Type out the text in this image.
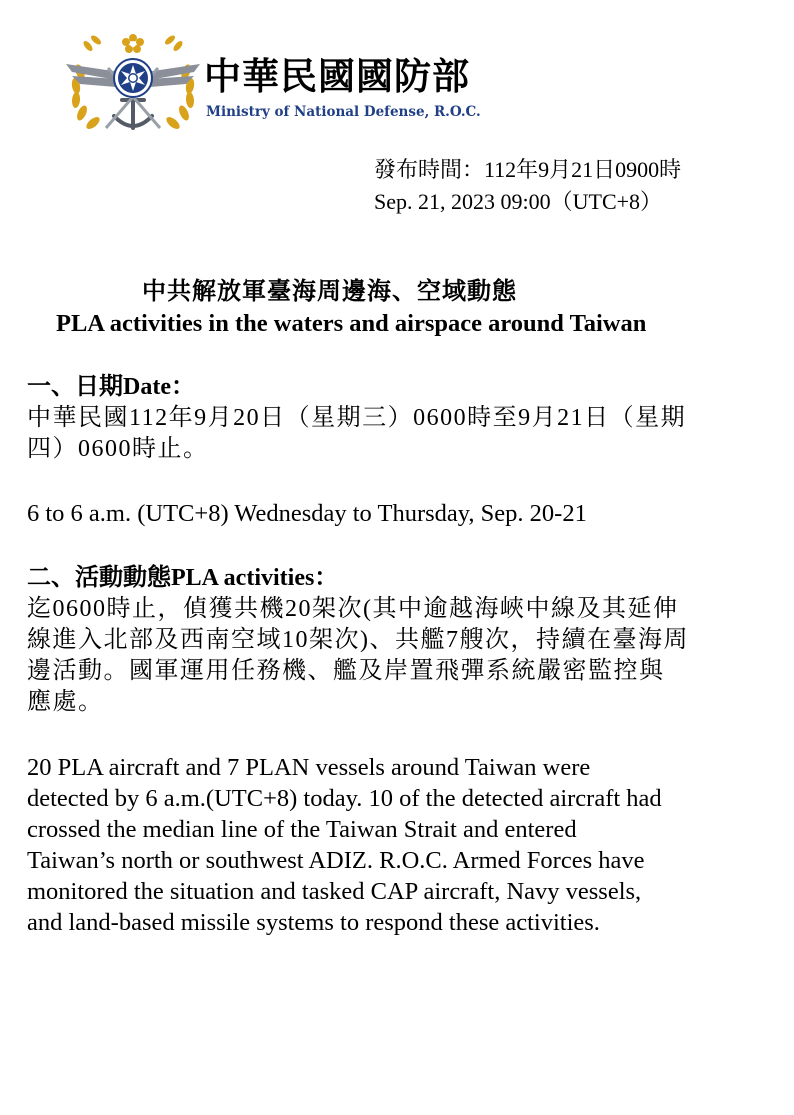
中華民國國防部
Ministry of National Defense, R.O.C.
發布時間：112年9月21日0900時
Sep. 21, 2023 09:00（UTC+8）
中共解放軍臺海周邊海、空域動態
PLA activities in the waters and airspace around Taiwan
一、日期Date：
中華民國112年9月20日（星期三）0600時至9月21日（星期
四）0600時止。
6 to 6 a.m. (UTC+8) Wednesday to Thursday, Sep. 20-21
二、活動動態PLA activities：
迄0600時止，偵獲共機20架次(其中逾越海峽中線及其延伸
線進入北部及西南空域10架次)、共艦7艘次，持續在臺海周
邊活動。國軍運用任務機、艦及岸置飛彈系統嚴密監控與
應處。
20 PLA aircraft and 7 PLAN vessels around Taiwan were
detected by 6 a.m.(UTC+8) today. 10 of the detected aircraft had
crossed the median line of the Taiwan Strait and entered
Taiwan’s north or southwest ADIZ. R.O.C. Armed Forces have
monitored the situation and tasked CAP aircraft, Navy vessels,
and land-based missile systems to respond these activities.
